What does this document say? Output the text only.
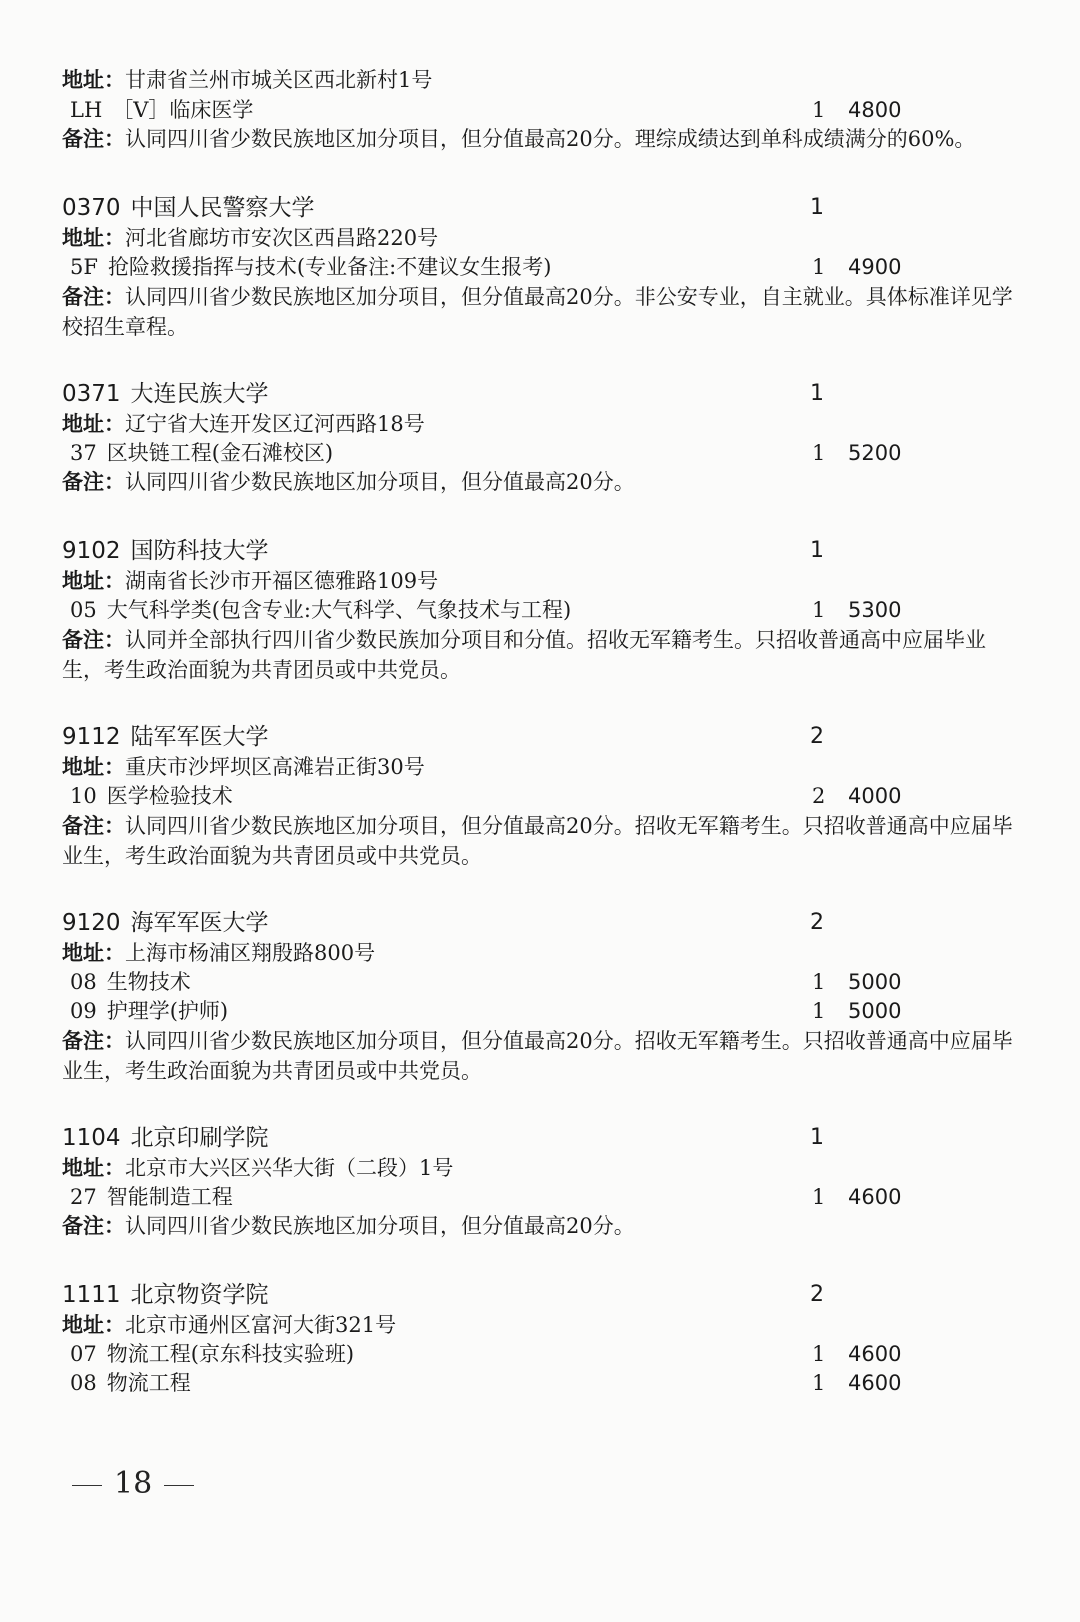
地址：甘肃省兰州市城关区西北新村1号
LH ［V］临床医学	1 4800
备注：认同四川省少数民族地区加分项目，但分值最高20分。理综成绩达到单科成绩满分的60%。
0370 中国人民警察大学	1
地址：河北省廊坊市安次区西昌路220号
5F 抢险救援指挥与技术(专业备注:不建议女生报考)	1 4900
备注：认同四川省少数民族地区加分项目，但分值最高20分。非公安专业，自主就业。具体标准详见学校招生章程。
0371 大连民族大学	1
地址：辽宁省大连开发区辽河西路18号
37 区块链工程(金石滩校区)	1 5200
备注：认同四川省少数民族地区加分项目，但分值最高20分。
9102 国防科技大学	1
地址：湖南省长沙市开福区德雅路109号
05 大气科学类(包含专业:大气科学、气象技术与工程)	1 5300
备注：认同并全部执行四川省少数民族加分项目和分值。招收无军籍考生。只招收普通高中应届毕业生，考生政治面貌为共青团员或中共党员。
9112 陆军军医大学	2
地址：重庆市沙坪坝区高滩岩正街30号
10 医学检验技术	2 4000
备注：认同四川省少数民族地区加分项目，但分值最高20分。招收无军籍考生。只招收普通高中应届毕业生，考生政治面貌为共青团员或中共党员。
9120 海军军医大学	2
地址：上海市杨浦区翔殷路800号
08 生物技术	1 5000
09 护理学(护师)	1 5000
备注：认同四川省少数民族地区加分项目，但分值最高20分。招收无军籍考生。只招收普通高中应届毕业生，考生政治面貌为共青团员或中共党员。
1104 北京印刷学院	1
地址：北京市大兴区兴华大街（二段）1号
27 智能制造工程	1 4600
备注：认同四川省少数民族地区加分项目，但分值最高20分。
1111 北京物资学院	2
地址：北京市通州区富河大街321号
07 物流工程(京东科技实验班)	1 4600
08 物流工程	1 4600
18
